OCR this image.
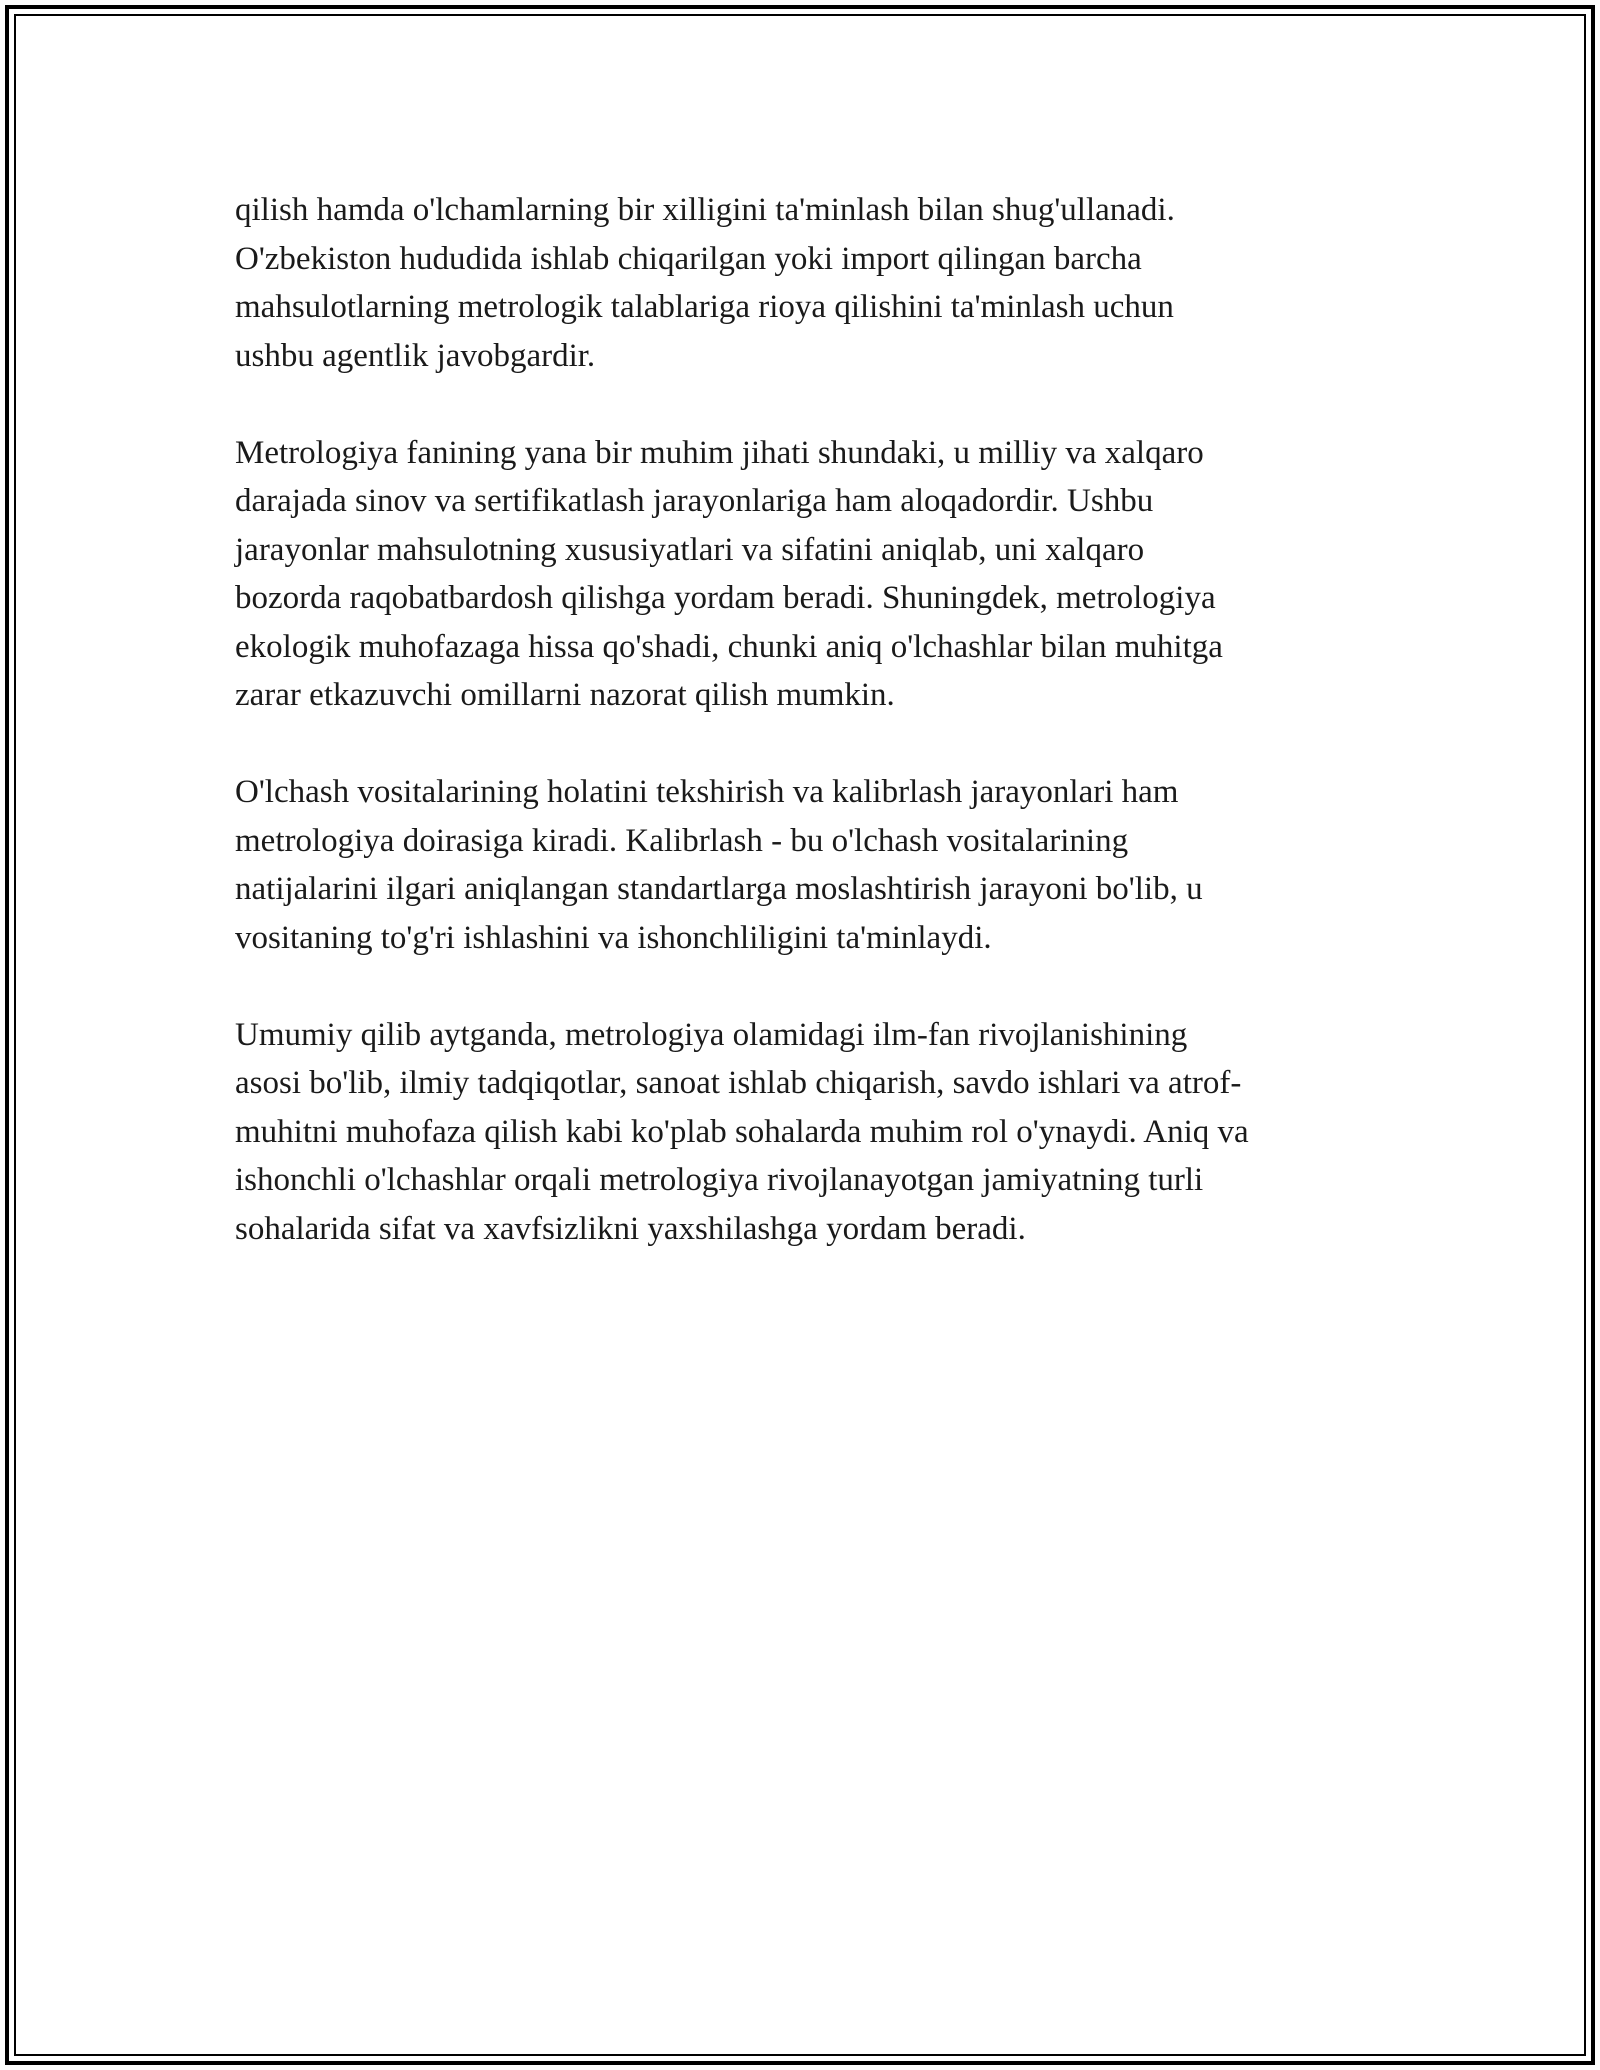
qilish hamda o'lchamlarning bir xilligini ta'minlash bilan shug'ullanadi.
O'zbekiston hududida ishlab chiqarilgan yoki import qilingan barcha
mahsulotlarning metrologik talablariga rioya qilishini ta'minlash uchun
ushbu agentlik javobgardir.

Metrologiya fanining yana bir muhim jihati shundaki, u milliy va xalqaro
darajada sinov va sertifikatlash jarayonlariga ham aloqadordir. Ushbu
jarayonlar mahsulotning xususiyatlari va sifatini aniqlab, uni xalqaro
bozorda raqobatbardosh qilishga yordam beradi. Shuningdek, metrologiya
ekologik muhofazaga hissa qo'shadi, chunki aniq o'lchashlar bilan muhitga
zarar etkazuvchi omillarni nazorat qilish mumkin.

O'lchash vositalarining holatini tekshirish va kalibrlash jarayonlari ham
metrologiya doirasiga kiradi. Kalibrlash - bu o'lchash vositalarining
natijalarini ilgari aniqlangan standartlarga moslashtirish jarayoni bo'lib, u
vositaning to'g'ri ishlashini va ishonchliligini ta'minlaydi.

Umumiy qilib aytganda, metrologiya olamidagi ilm-fan rivojlanishining
asosi bo'lib, ilmiy tadqiqotlar, sanoat ishlab chiqarish, savdo ishlari va atrof-
muhitni muhofaza qilish kabi ko'plab sohalarda muhim rol o'ynaydi. Aniq va
ishonchli o'lchashlar orqali metrologiya rivojlanayotgan jamiyatning turli
sohalarida sifat va xavfsizlikni yaxshilashga yordam beradi.
